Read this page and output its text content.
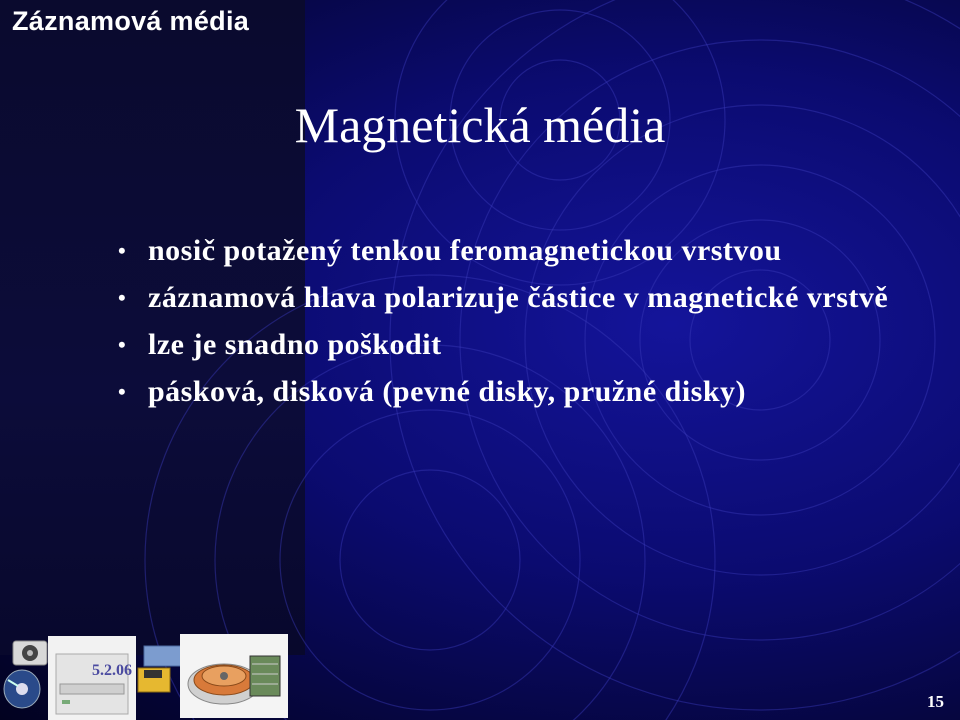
Záznamová média
Magnetická média
• nosič potažený tenkou feromagnetickou vrstvou
• záznamová hlava polarizuje částice v magnetické vrstvě
• lze je snadno poškodit
• pásková, disková (pevné disky, pružné disky)
5.2.06
15
